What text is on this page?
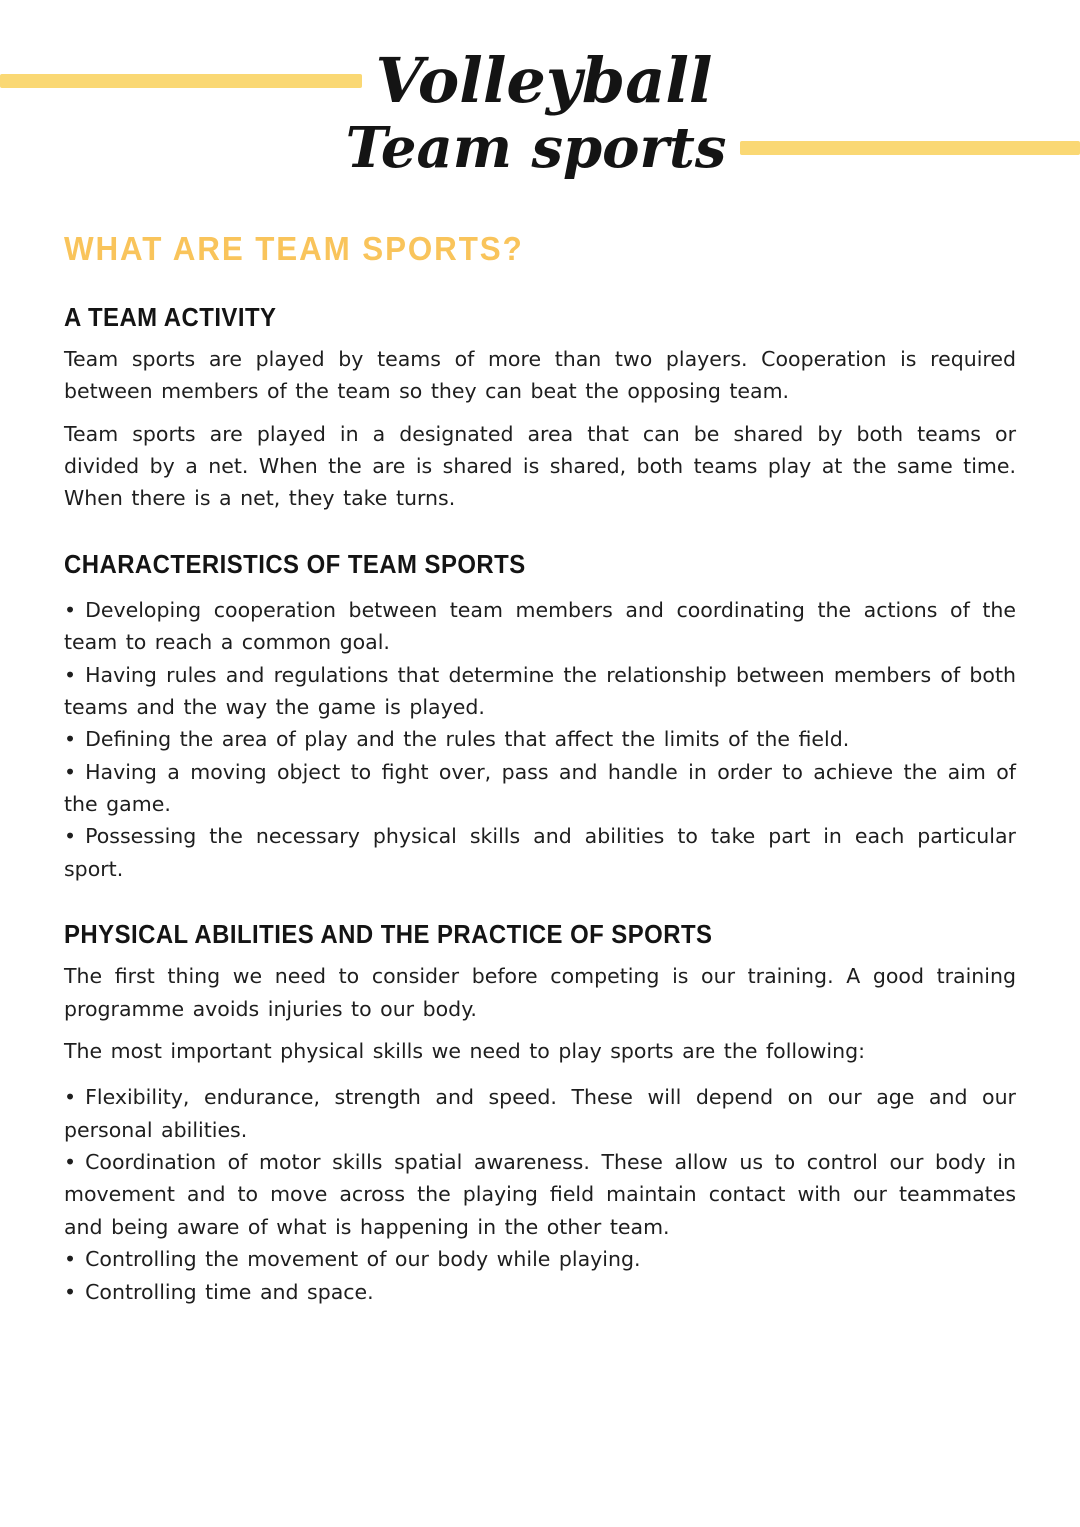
Volleyball
Team sports
WHAT ARE TEAM SPORTS?
A TEAM ACTIVITY

Team sports are played by teams of more than two players. Cooperation is required between members of the team so they can beat the opposing team.

Team sports are played in a designated area that can be shared by both teams or divided by a net. When the are is shared is shared, both teams play at the same time. When there is a net, they take turns.

CHARACTERISTICS OF TEAM SPORTS

• Developing cooperation between team members and coordinating the actions of the team to reach a common goal.

• Having rules and regulations that determine the relationship between members of both teams and the way the game is played.

• Defining the area of play and the rules that affect the limits of the field.

• Having a moving object to fight over, pass and handle in order to achieve the aim of the game.

• Possessing the necessary physical skills and abilities to take part in each particular sport.

PHYSICAL ABILITIES AND THE PRACTICE OF SPORTS

The first thing we need to consider before competing is our training. A good training programme avoids injuries to our body.

The most important physical skills we need to play sports are the following:

• Flexibility, endurance, strength and speed. These will depend on our age and our personal abilities.

• Coordination of motor skills spatial awareness. These allow us to control our body in movement and to move across the playing field maintain contact with our teammates and being aware of what is happening in the other team.

• Controlling the movement of our body while playing.

• Controlling time and space.
